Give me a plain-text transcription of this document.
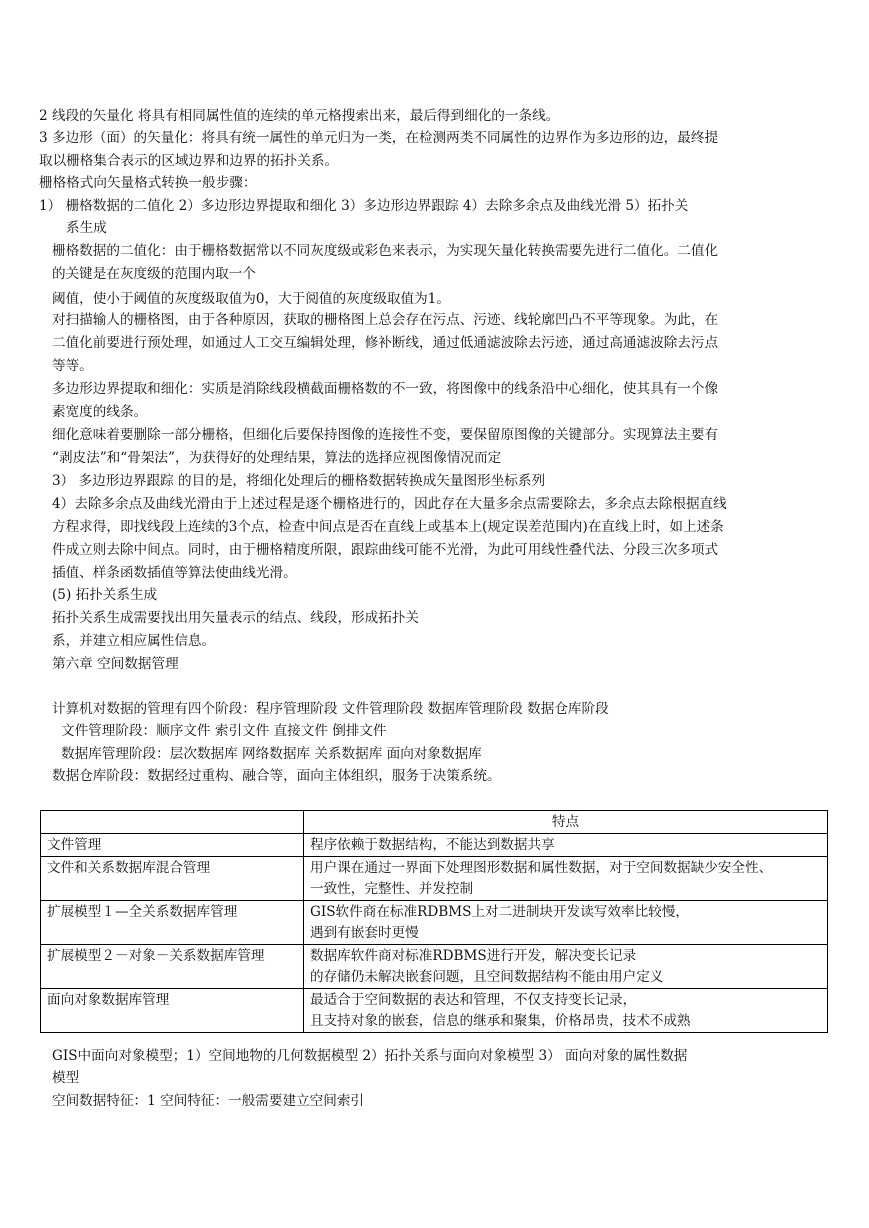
2 线段的矢量化 将具有相同属性值的连续的单元格搜索出来，最后得到细化的一条线。
3 多边形（面）的矢量化：将具有统一属性的单元归为一类，在检测两类不同属性的边界作为多边形的边，最终提
取以栅格集合表示的区域边界和边界的拓扑关系。
栅格格式向矢量格式转换一般步骤：
1） 栅格数据的二值化 2）多边形边界提取和细化 3）多边形边界跟踪 4）去除多余点及曲线光滑 5）拓扑关
系生成
栅格数据的二值化：由于栅格数据常以不同灰度级或彩色来表示，为实现矢量化转换需要先进行二值化。二值化
的关键是在灰度级的范围内取一个
阈值，使小于阈值的灰度级取值为0，大于阅值的灰度级取值为1。
对扫描输人的栅格图，由于各种原因，获取的栅格图上总会存在污点、污迹、线轮廓凹凸不平等现象。为此，在
二值化前要进行预处理，如通过人工交互编辑处理，修补断线，通过低通滤波除去污迹，通过高通滤波除去污点
等等。
多边形边界提取和细化：实质是消除线段横截面栅格数的不一致，将图像中的线条沿中心细化，使其具有一个像
素宽度的线条。
细化意味着要删除一部分栅格，但细化后要保持图像的连接性不变，要保留原图像的关键部分。实现算法主要有
“剥皮法”和“骨架法”，为获得好的处理结果，算法的选择应视图像情况而定
3） 多边形边界跟踪 的目的是，将细化处理后的栅格数据转换成矢量图形坐标系列
4）去除多余点及曲线光滑由于上述过程是逐个栅格进行的，因此存在大量多余点需要除去，多余点去除根据直线
方程求得，即找线段上连续的3个点，检查中间点是否在直线上或基本上(规定误差范围内)在直线上时，如上述条
件成立则去除中间点。同时，由于栅格精度所限，跟踪曲线可能不光滑，为此可用线性叠代法、分段三次多项式
插值、样条函数插值等算法使曲线光滑。
(5) 拓扑关系生成
拓扑关系生成需要找出用矢量表示的结点、线段，形成拓扑关
系，并建立相应属性信息。
第六章 空间数据管理
计算机对数据的管理有四个阶段：程序管理阶段 文件管理阶段 数据库管理阶段 数据仓库阶段
文件管理阶段：顺序文件 索引文件 直接文件 倒排文件
数据库管理阶段：层次数据库 网络数据库 关系数据库 面向对象数据库
数据仓库阶段：数据经过重构、融合等，面向主体组织，服务于决策系统。
	特点
文件管理	程序依赖于数据结构，不能达到数据共享

文件和关系数据库混合管理	用户课在通过一界面下处理图形数据和属性数据，对于空间数据缺少安全性、
一致性，完整性、并发控制

扩展模型１—全关系数据库管理	GIS软件商在标准RDBMS上对二进制块开发读写效率比较慢，
遇到有嵌套时更慢

扩展模型２－对象－关系数据库管理	数据库软件商对标准RDBMS进行开发，解决变长记录
的存储仍未解决嵌套问题，且空间数据结构不能由用户定义

面向对象数据库管理	最适合于空间数据的表达和管理，不仅支持变长记录，
且支持对象的嵌套，信息的继承和聚集，价格昂贵，技术不成熟
GIS中面向对象模型；1）空间地物的几何数据模型 2）拓扑关系与面向对象模型 3） 面向对象的属性数据
模型
空间数据特征：1 空间特征：一般需要建立空间索引
